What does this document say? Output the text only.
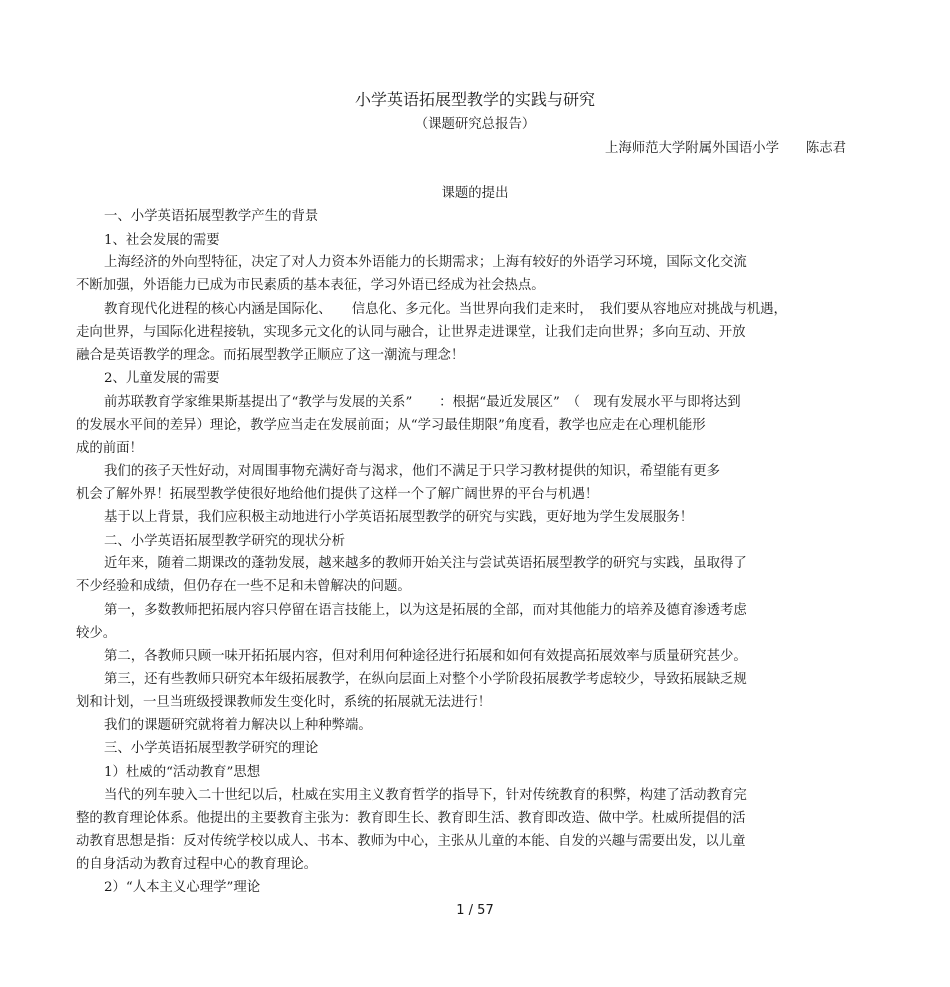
小学英语拓展型教学的实践与研究
（课题研究总报告）
上海师范大学附属外国语小学　　陈志君
课题的提出
一、小学英语拓展型教学产生的背景
1、社会发展的需要
上海经济的外向型特征，决定了对人力资本外语能力的长期需求；上海有较好的外语学习环境，国际文化交流
不断加强，外语能力已成为市民素质的基本表征，学习外语已经成为社会热点。
教育现代化进程的核心内涵是国际化、　　信息化、多元化。当世界向我们走来时，　我们要从容地应对挑战与机遇，
走向世界，与国际化进程接轨，实现多元文化的认同与融合，让世界走进课堂，让我们走向世界；多向互动、开放
融合是英语教学的理念。而拓展型教学正顺应了这一潮流与理念！
2、儿童发展的需要
前苏联教育学家维果斯基提出了“教学与发展的关系”　　：根据“最近发展区”　（　现有发展水平与即将达到
的发展水平间的差异）理论，教学应当走在发展前面；从“学习最佳期限”角度看，教学也应走在心理机能形
成的前面！
我们的孩子天性好动，对周围事物充满好奇与渴求，他们不满足于只学习教材提供的知识，希望能有更多
机会了解外界！拓展型教学使很好地给他们提供了这样一个了解广阔世界的平台与机遇！
基于以上背景，我们应积极主动地进行小学英语拓展型教学的研究与实践，更好地为学生发展服务！
二、小学英语拓展型教学研究的现状分析
近年来，随着二期课改的蓬勃发展，越来越多的教师开始关注与尝试英语拓展型教学的研究与实践，虽取得了
不少经验和成绩，但仍存在一些不足和未曾解决的问题。
第一，多数教师把拓展内容只停留在语言技能上，以为这是拓展的全部，而对其他能力的培养及德育渗透考虑
较少。
第二，各教师只顾一味开拓拓展内容，但对利用何种途径进行拓展和如何有效提高拓展效率与质量研究甚少。
第三，还有些教师只研究本年级拓展教学，在纵向层面上对整个小学阶段拓展教学考虑较少，导致拓展缺乏规
划和计划，一旦当班级授课教师发生变化时，系统的拓展就无法进行！
我们的课题研究就将着力解决以上种种弊端。
三、小学英语拓展型教学研究的理论
1）杜威的“活动教育”思想
当代的列车驶入二十世纪以后，杜威在实用主义教育哲学的指导下，针对传统教育的积弊，构建了活动教育完
整的教育理论体系。他提出的主要教育主张为：教育即生长、教育即生活、教育即改造、做中学。杜威所提倡的活
动教育思想是指：反对传统学校以成人、书本、教师为中心，主张从儿童的本能、自发的兴趣与需要出发，以儿童
的自身活动为教育过程中心的教育理论。
2）“人本主义心理学”理论
1 / 57
